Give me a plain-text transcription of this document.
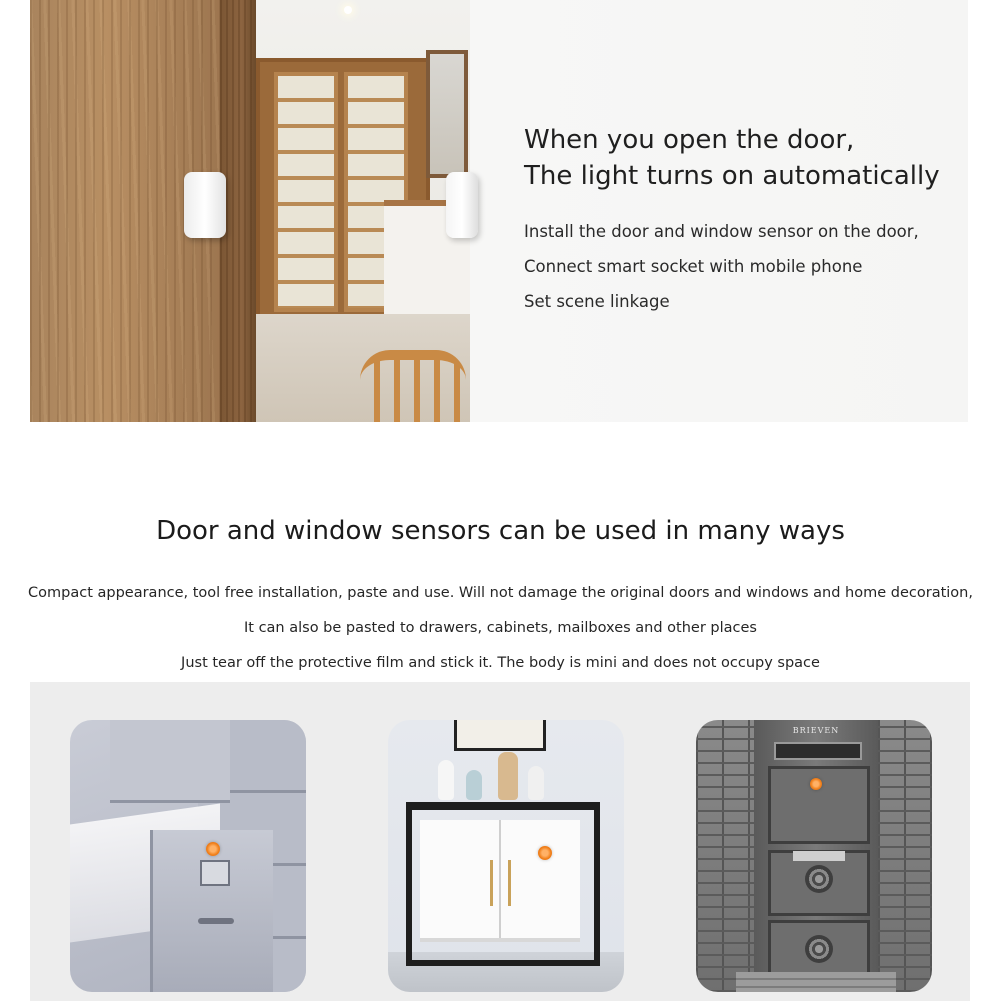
When you open the door,
The light turns on automatically
Install the door and window sensor on the door,
Connect smart socket with mobile phone
Set scene linkage
Door and window sensors can be used in many ways
Compact appearance, tool free installation, paste and use. Will not damage the original doors and windows and home decoration,
It can also be pasted to drawers, cabinets, mailboxes and other places
Just tear off the protective film and stick it. The body is mini and does not occupy space
BRIEVEN
